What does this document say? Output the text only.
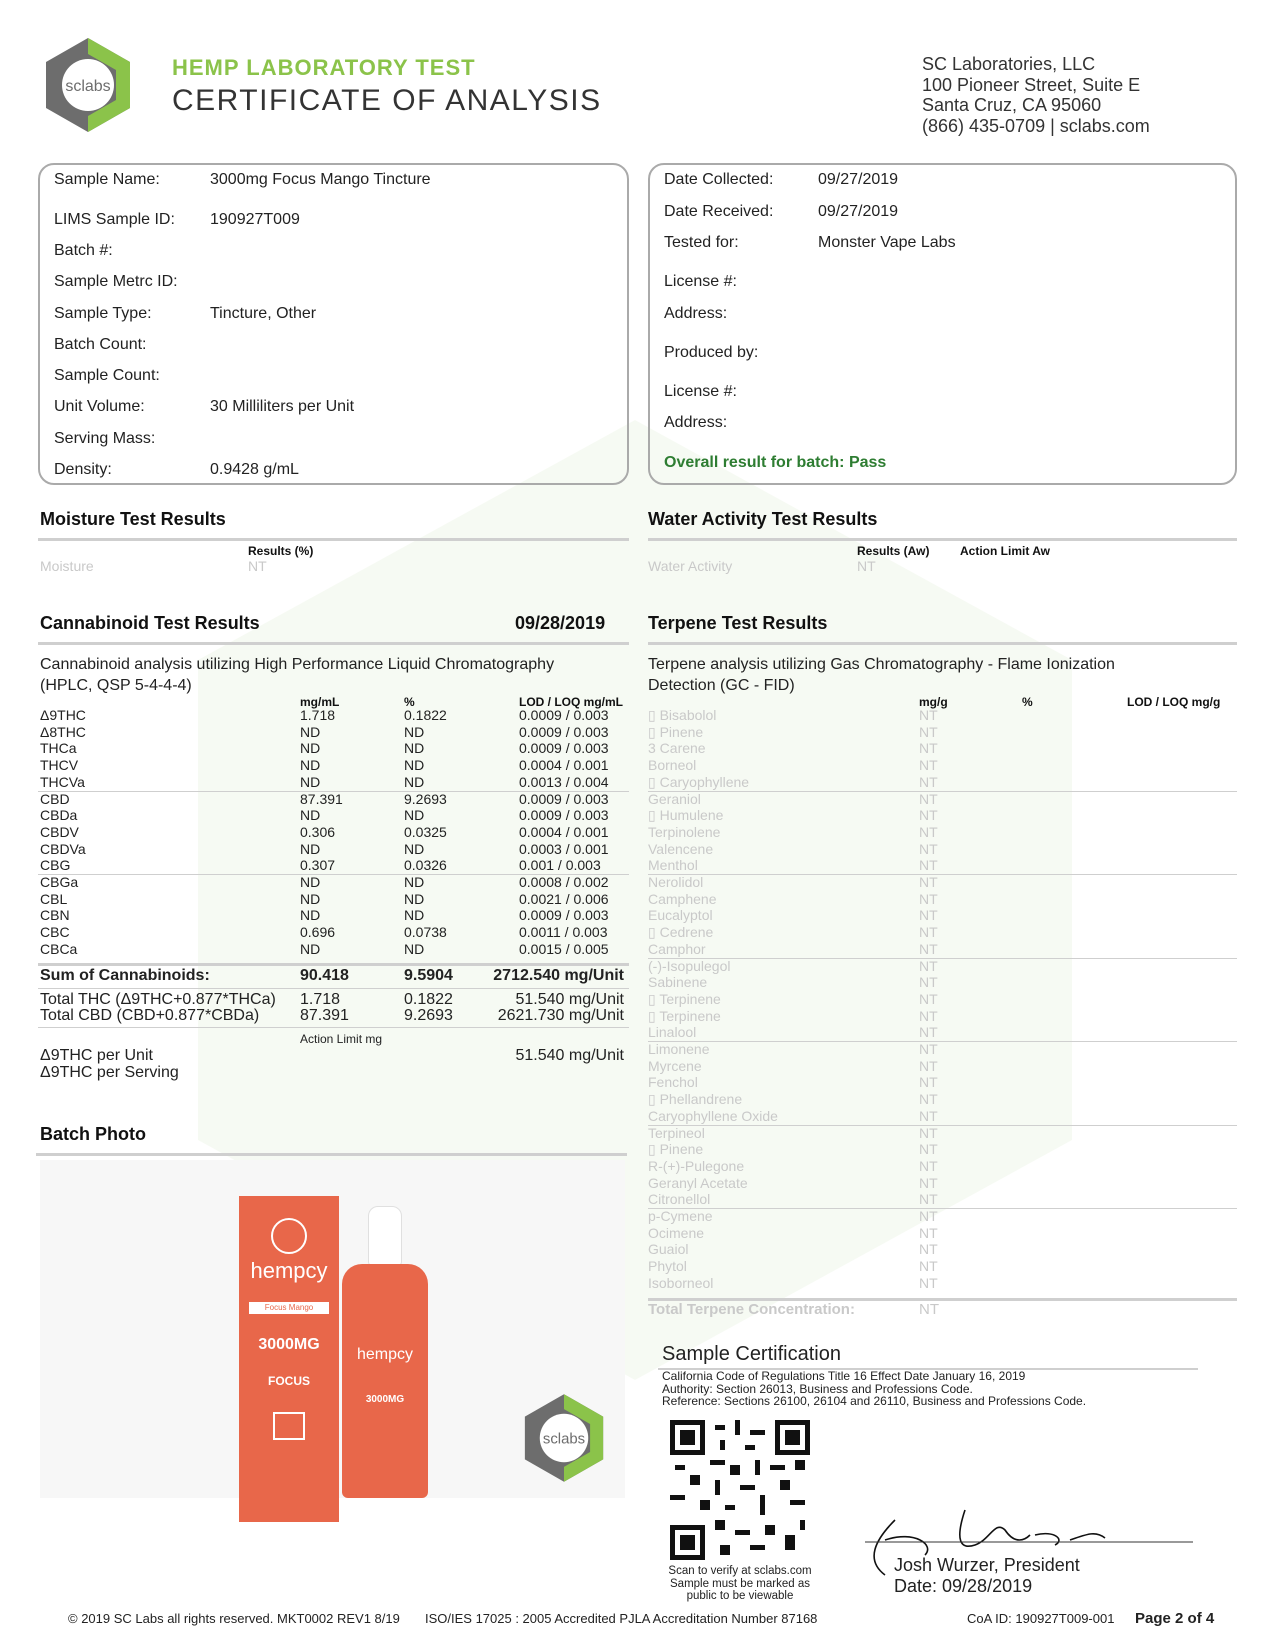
sclabs
HEMP LABORATORY TEST
CERTIFICATE OF ANALYSIS
SC Laboratories, LLC
100 Pioneer Street, Suite E
Santa Cruz, CA 95060
(866) 435-0709 | sclabs.com
Sample Name:	3000mg Focus Mango Tincture
LIMS Sample ID: 190927T009
Batch #:
Sample Metrc ID:
Sample Type:	Tincture, Other
Batch Count:
Sample Count:
Unit Volume:	30 Milliliters per Unit
Serving Mass:
Density:	0.9428 g/mL
Date Collected:	09/27/2019
Date Received:	09/27/2019
Tested for:	Monster Vape Labs
License #:
Address:
Produced by:
License #:
Address:
Overall result for batch: Pass
Moisture Test Results
Results (%)
Moisture	NT
Water Activity Test Results
Results (Aw)	Action Limit Aw
Water Activity	NT
Cannabinoid Test Results	09/28/2019
Cannabinoid analysis utilizing High Performance Liquid Chromatography
(HPLC, QSP 5-4-4-4)
mg/mL	%	LOD / LOQ mg/mL
Δ9THC	1.718	0.1822	0.0009 / 0.003
Δ8THC	ND	ND	0.0009 / 0.003
THCa	ND	ND	0.0009 / 0.003
THCV	ND	ND	0.0004 / 0.001
THCVa	ND	ND	0.0013 / 0.004
CBD	87.391	9.2693	0.0009 / 0.003
CBDa	ND	ND	0.0009 / 0.003
CBDV	0.306	0.0325	0.0004 / 0.001
CBDVa	ND	ND	0.0003 / 0.001
CBG	0.307	0.0326	0.001 / 0.003
CBGa	ND	ND	0.0008 / 0.002
CBL	ND	ND	0.0021 / 0.006
CBN	ND	ND	0.0009 / 0.003
CBC	0.696	0.0738	0.0011 / 0.003
CBCa	ND	ND	0.0015 / 0.005
Sum of Cannabinoids:	90.418	9.5904	2712.540 mg/Unit
Total THC (Δ9THC+0.877*THCa) 1.718	0.1822	51.540 mg/Unit
Total CBD (CBD+0.877*CBDa)	87.391	9.2693	2621.730 mg/Unit
Action Limit mg
Δ9THC per Unit	51.540 mg/Unit
Δ9THC per Serving
Terpene Test Results
Terpene analysis utilizing Gas Chromatography - Flame Ionization
Detection (GC - FID)
mg/g	%	LOD / LOQ mg/g
▯ Bisabolol	NT
▯ Pinene	NT
3 Carene	NT
Borneol	NT
▯ Caryophyllene	NT
Geraniol	NT
▯ Humulene	NT
Terpinolene	NT
Valencene	NT
Menthol	NT
Nerolidol	NT
Camphene	NT
Eucalyptol	NT
▯ Cedrene	NT
Camphor	NT
(-)-Isopulegol	NT
Sabinene	NT
▯ Terpinene	NT
▯ Terpinene	NT
Linalool	NT
Limonene	NT
Myrcene	NT
Fenchol	NT
▯ Phellandrene	NT
Caryophyllene Oxide	NT
Terpineol	NT
▯ Pinene	NT
R-(+)-Pulegone	NT
Geranyl Acetate	NT
Citronellol	NT
p-Cymene	NT
Ocimene	NT
Guaiol	NT
Phytol	NT
Isoborneol	NT
Total Terpene Concentration:	NT
Batch Photo
hempcy
Focus Mango
3000MG
FOCUS
hempcy
3000MG
sclabs
Sample Certification
California Code of Regulations Title 16 Effect Date January 16, 2019
Authority: Section 26013, Business and Professions Code.
Reference: Sections 26100, 26104 and 26110, Business and Professions Code.
Scan to verify at sclabs.com
Sample must be marked as
public to be viewable
Josh Wurzer, President
Date: 09/28/2019
© 2019 SC Labs all rights reserved. MKT0002 REV1 8/19 ISO/IES 17025 : 2005 Accredited PJLA Accreditation Number 87168	CoA ID: 190927T009-001 Page 2 of 4
